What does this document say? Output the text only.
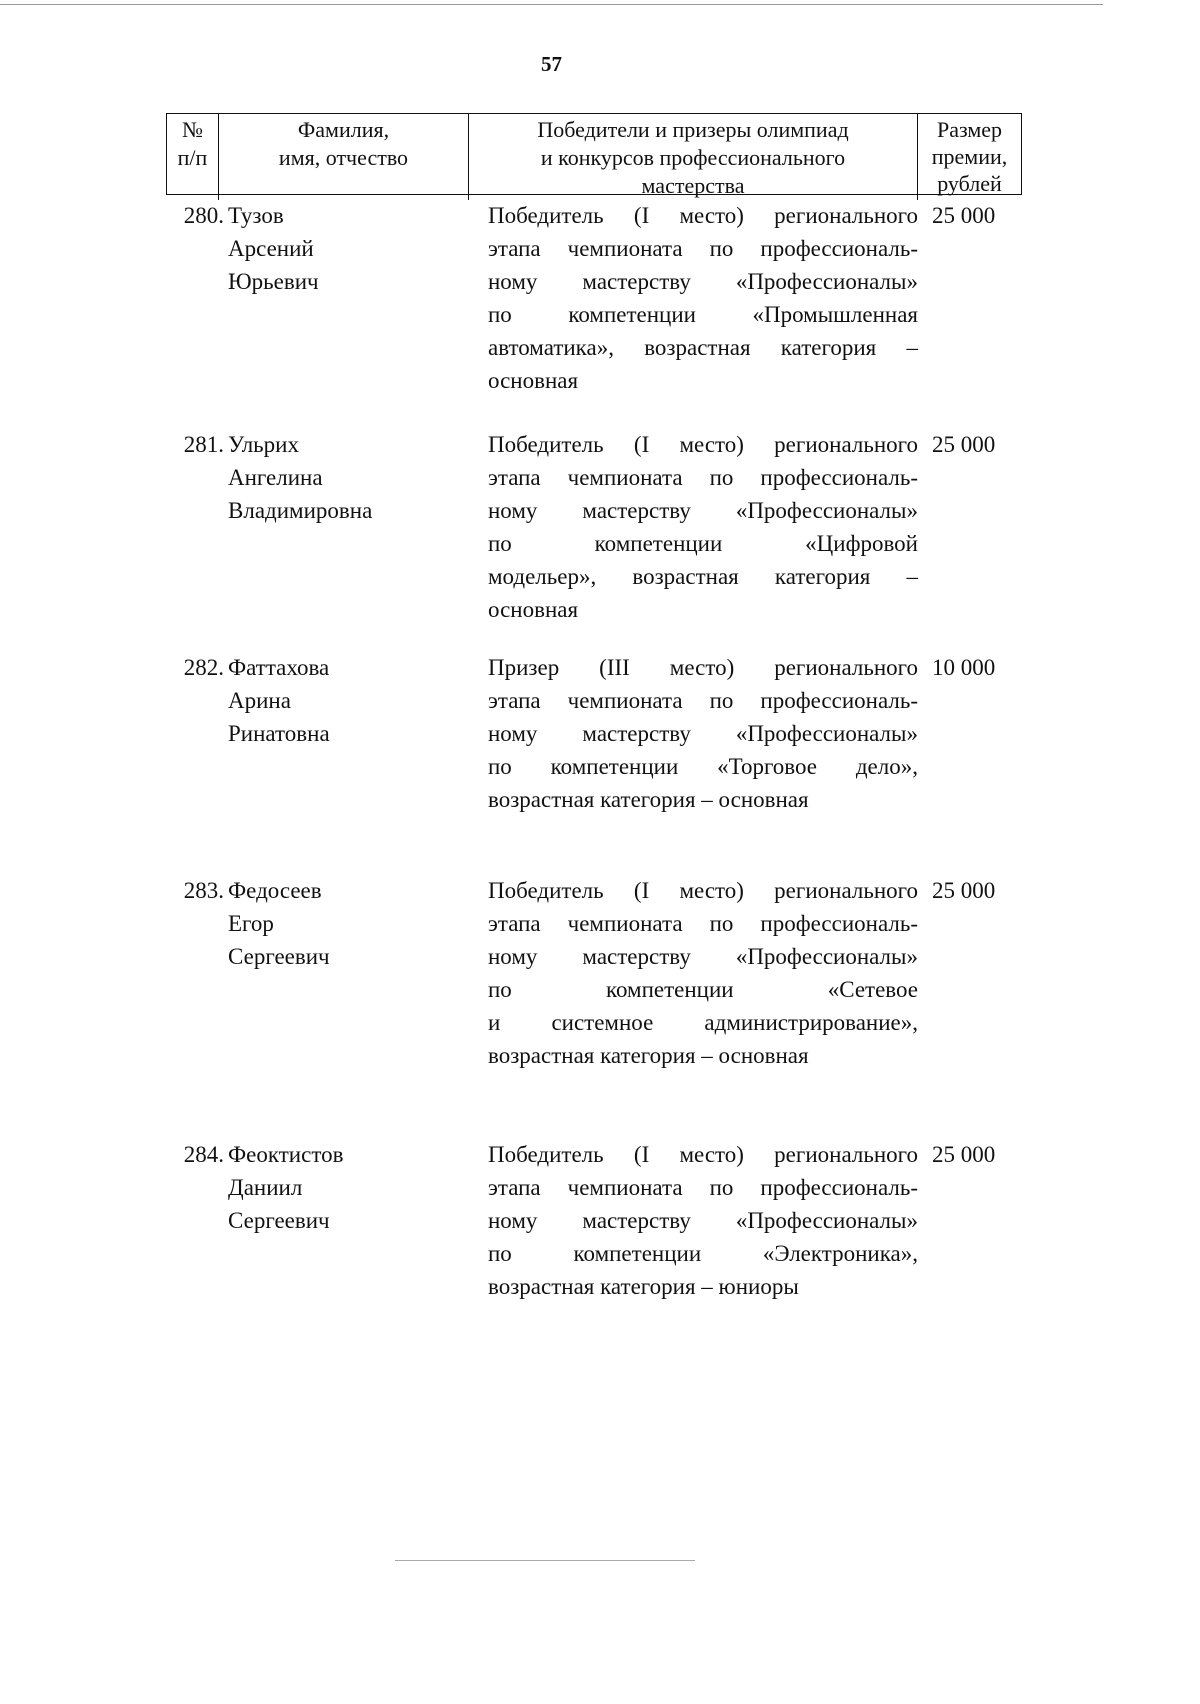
57
№
п/п
Фамилия,
имя, отчество
Победители и призеры олимпиад
и конкурсов профессионального
мастерства
Размер
премии,
рублей
280. Тузов
Арсений
Юрьевич
Победитель (I место) регионального
этапа чемпионата по профессиональ-
ному мастерству «Профессионалы»
по компетенции «Промышленная
автоматика», возрастная категория –
основная
25 000
281. Ульрих
Ангелина
Владимировна
Победитель (I место) регионального
этапа чемпионата по профессиональ-
ному мастерству «Профессионалы»
по компетенции «Цифровой
модельер», возрастная категория –
основная
25 000
282. Фаттахова
Арина
Ринатовна
Призер (III место) регионального
этапа чемпионата по профессиональ-
ному мастерству «Профессионалы»
по компетенции «Торговое дело»,
возрастная категория – основная
10 000
283. Федосеев
Егор
Сергеевич
Победитель (I место) регионального
этапа чемпионата по профессиональ-
ному мастерству «Профессионалы»
по компетенции «Сетевое
и системное администрирование»,
возрастная категория – основная
25 000
284. Феоктистов
Даниил
Сергеевич
Победитель (I место) регионального
этапа чемпионата по профессиональ-
ному мастерству «Профессионалы»
по компетенции «Электроника»,
возрастная категория – юниоры
25 000
